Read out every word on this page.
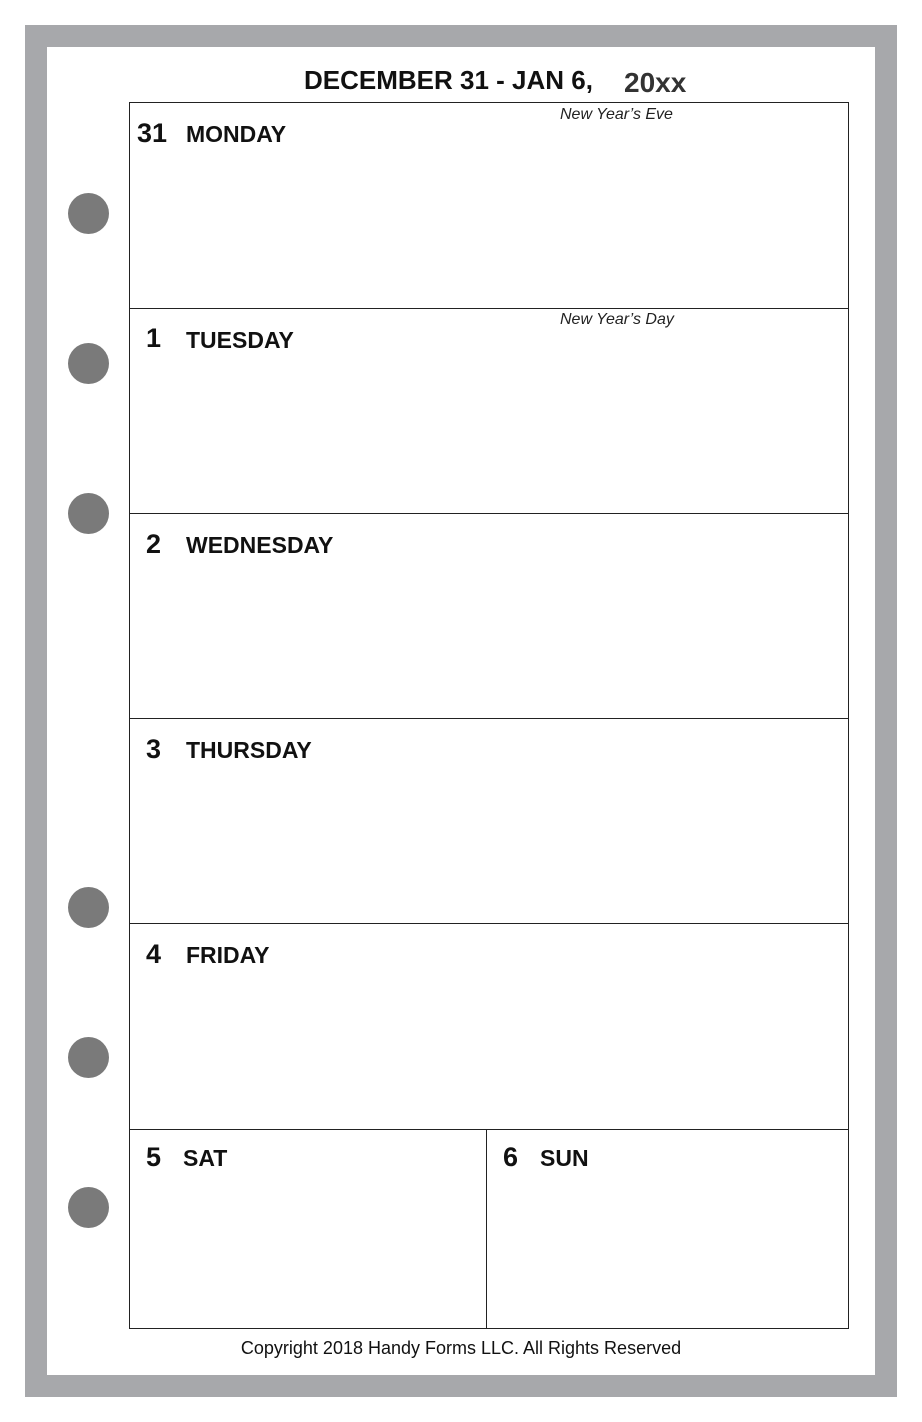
DECEMBER 31 - JAN 6, 20xx
31 MONDAY
New Year’s Eve
1 TUESDAY
New Year’s Day
2 WEDNESDAY
3 THURSDAY
4 FRIDAY
5 SAT	6 SUN
Copyright 2018 Handy Forms LLC. All Rights Reserved
